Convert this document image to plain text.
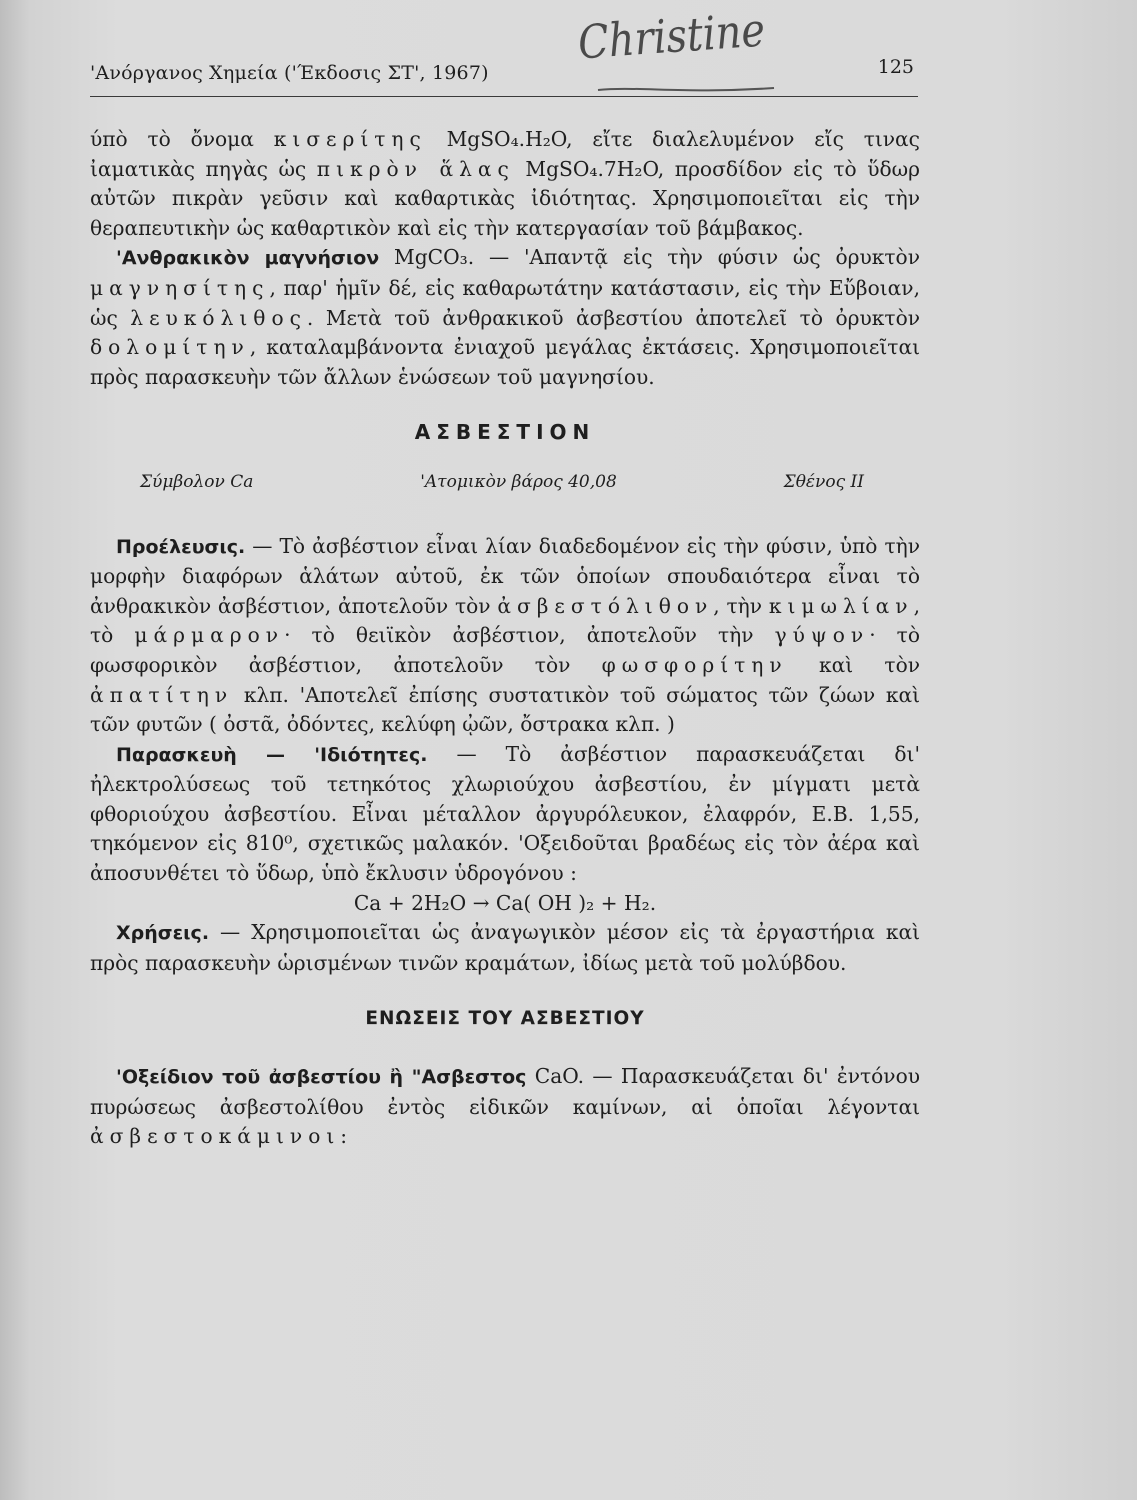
'Ανόργανος Χημεία ('Έκδοσις ΣΤ', 1967)	125
Christine

ύπὸ τὸ ὄνομα κισερίτης MgSO₄.H₂O, εἴτε διαλελυμένον εἴς τινας ἰαματικὰς πηγὰς ὡς πικρὸν ἅλας MgSO₄.7H₂O, προσδίδον εἰς τὸ ὕδωρ αὐτῶν πικρὰν γεῦσιν καὶ καθαρτικὰς ἰδιότητας. Χρησιμοποιεῖται εἰς τὴν θεραπευτικὴν ὡς καθαρτικὸν καὶ εἰς τὴν κατεργασίαν τοῦ βάμβακος.

'Ανθρακικὸν μαγνήσιον MgCO₃. — 'Απαντᾷ εἰς τὴν φύσιν ὡς ὀρυκτὸν μαγνησίτης, παρ' ἡμῖν δέ, εἰς καθαρωτάτην κατάστασιν, εἰς τὴν Εὔβοιαν, ὡς λευκόλιθος. Μετὰ τοῦ ἀνθρακικοῦ ἀσβεστίου ἀποτελεῖ τὸ ὀρυκτὸν δολομίτην, καταλαμβάνοντα ἐνιαχοῦ μεγάλας ἐκτάσεις. Χρησιμοποιεῖται πρὸς παρασκευὴν τῶν ἄλλων ἑνώσεων τοῦ μαγνησίου.

ΑΣΒΕΣΤΙΟΝ
Σύμβολον Ca	'Ατομικὸν βάρος 40,08	Σθένος II

Προέλευσις. — Τὸ ἀσβέστιον εἶναι λίαν διαδεδομένον εἰς τὴν φύσιν, ὑπὸ τὴν μορφὴν διαφόρων ἁλάτων αὐτοῦ, ἐκ τῶν ὁποίων σπουδαιότερα εἶναι τὸ ἀνθρακικὸν ἀσβέστιον, ἀποτελοῦν τὸν ἀσβεστόλιθον, τὴν κιμωλίαν, τὸ μάρμαρον· τὸ θειϊκὸν ἀσβέστιον, ἀποτελοῦν τὴν γύψον· τὸ φωσφορικὸν ἀσβέστιον, ἀποτελοῦν τὸν φωσφορίτην καὶ τὸν ἀπατίτην κλπ. 'Αποτελεῖ ἐπίσης συστατικὸν τοῦ σώματος τῶν ζώων καὶ τῶν φυτῶν ( ὀστᾶ, ὀδόντες, κελύφη ᾠῶν, ὄστρακα κλπ. )

Παρασκευὴ — 'Ιδιότητες. — Τὸ ἀσβέστιον παρασκευάζεται δι' ἠλεκτρολύσεως τοῦ τετηκότος χλωριούχου ἀσβεστίου, ἐν μίγματι μετὰ φθοριούχου ἀσβεστίου. Εἶναι μέταλλον ἀργυρόλευκον, ἐλαφρόν, Ε.Β. 1,55, τηκόμενον εἰς 810⁰, σχετικῶς μαλακόν. 'Οξειδοῦται βραδέως εἰς τὸν ἀέρα καὶ ἀποσυνθέτει τὸ ὕδωρ, ὑπὸ ἔκλυσιν ὑδρογόνου :

Ca + 2H₂O → Ca( OH )₂ + H₂.

Χρήσεις. — Χρησιμοποιεῖται ὡς ἀναγωγικὸν μέσον εἰς τὰ ἐργαστήρια καὶ πρὸς παρασκευὴν ὡρισμένων τινῶν κραμάτων, ἰδίως μετὰ τοῦ μολύβδου.

ΕΝΩΣΕΙΣ ΤΟΥ ΑΣΒΕΣΤΙΟΥ

'Οξείδιον τοῦ ἀσβεστίου ἢ "Ασβεστος CaO. — Παρασκευάζεται δι' ἐντόνου πυρώσεως ἀσβεστολίθου ἐντὸς εἰδικῶν καμίνων, αἱ ὁποῖαι λέγονται ἀσβεστοκάμινοι:
